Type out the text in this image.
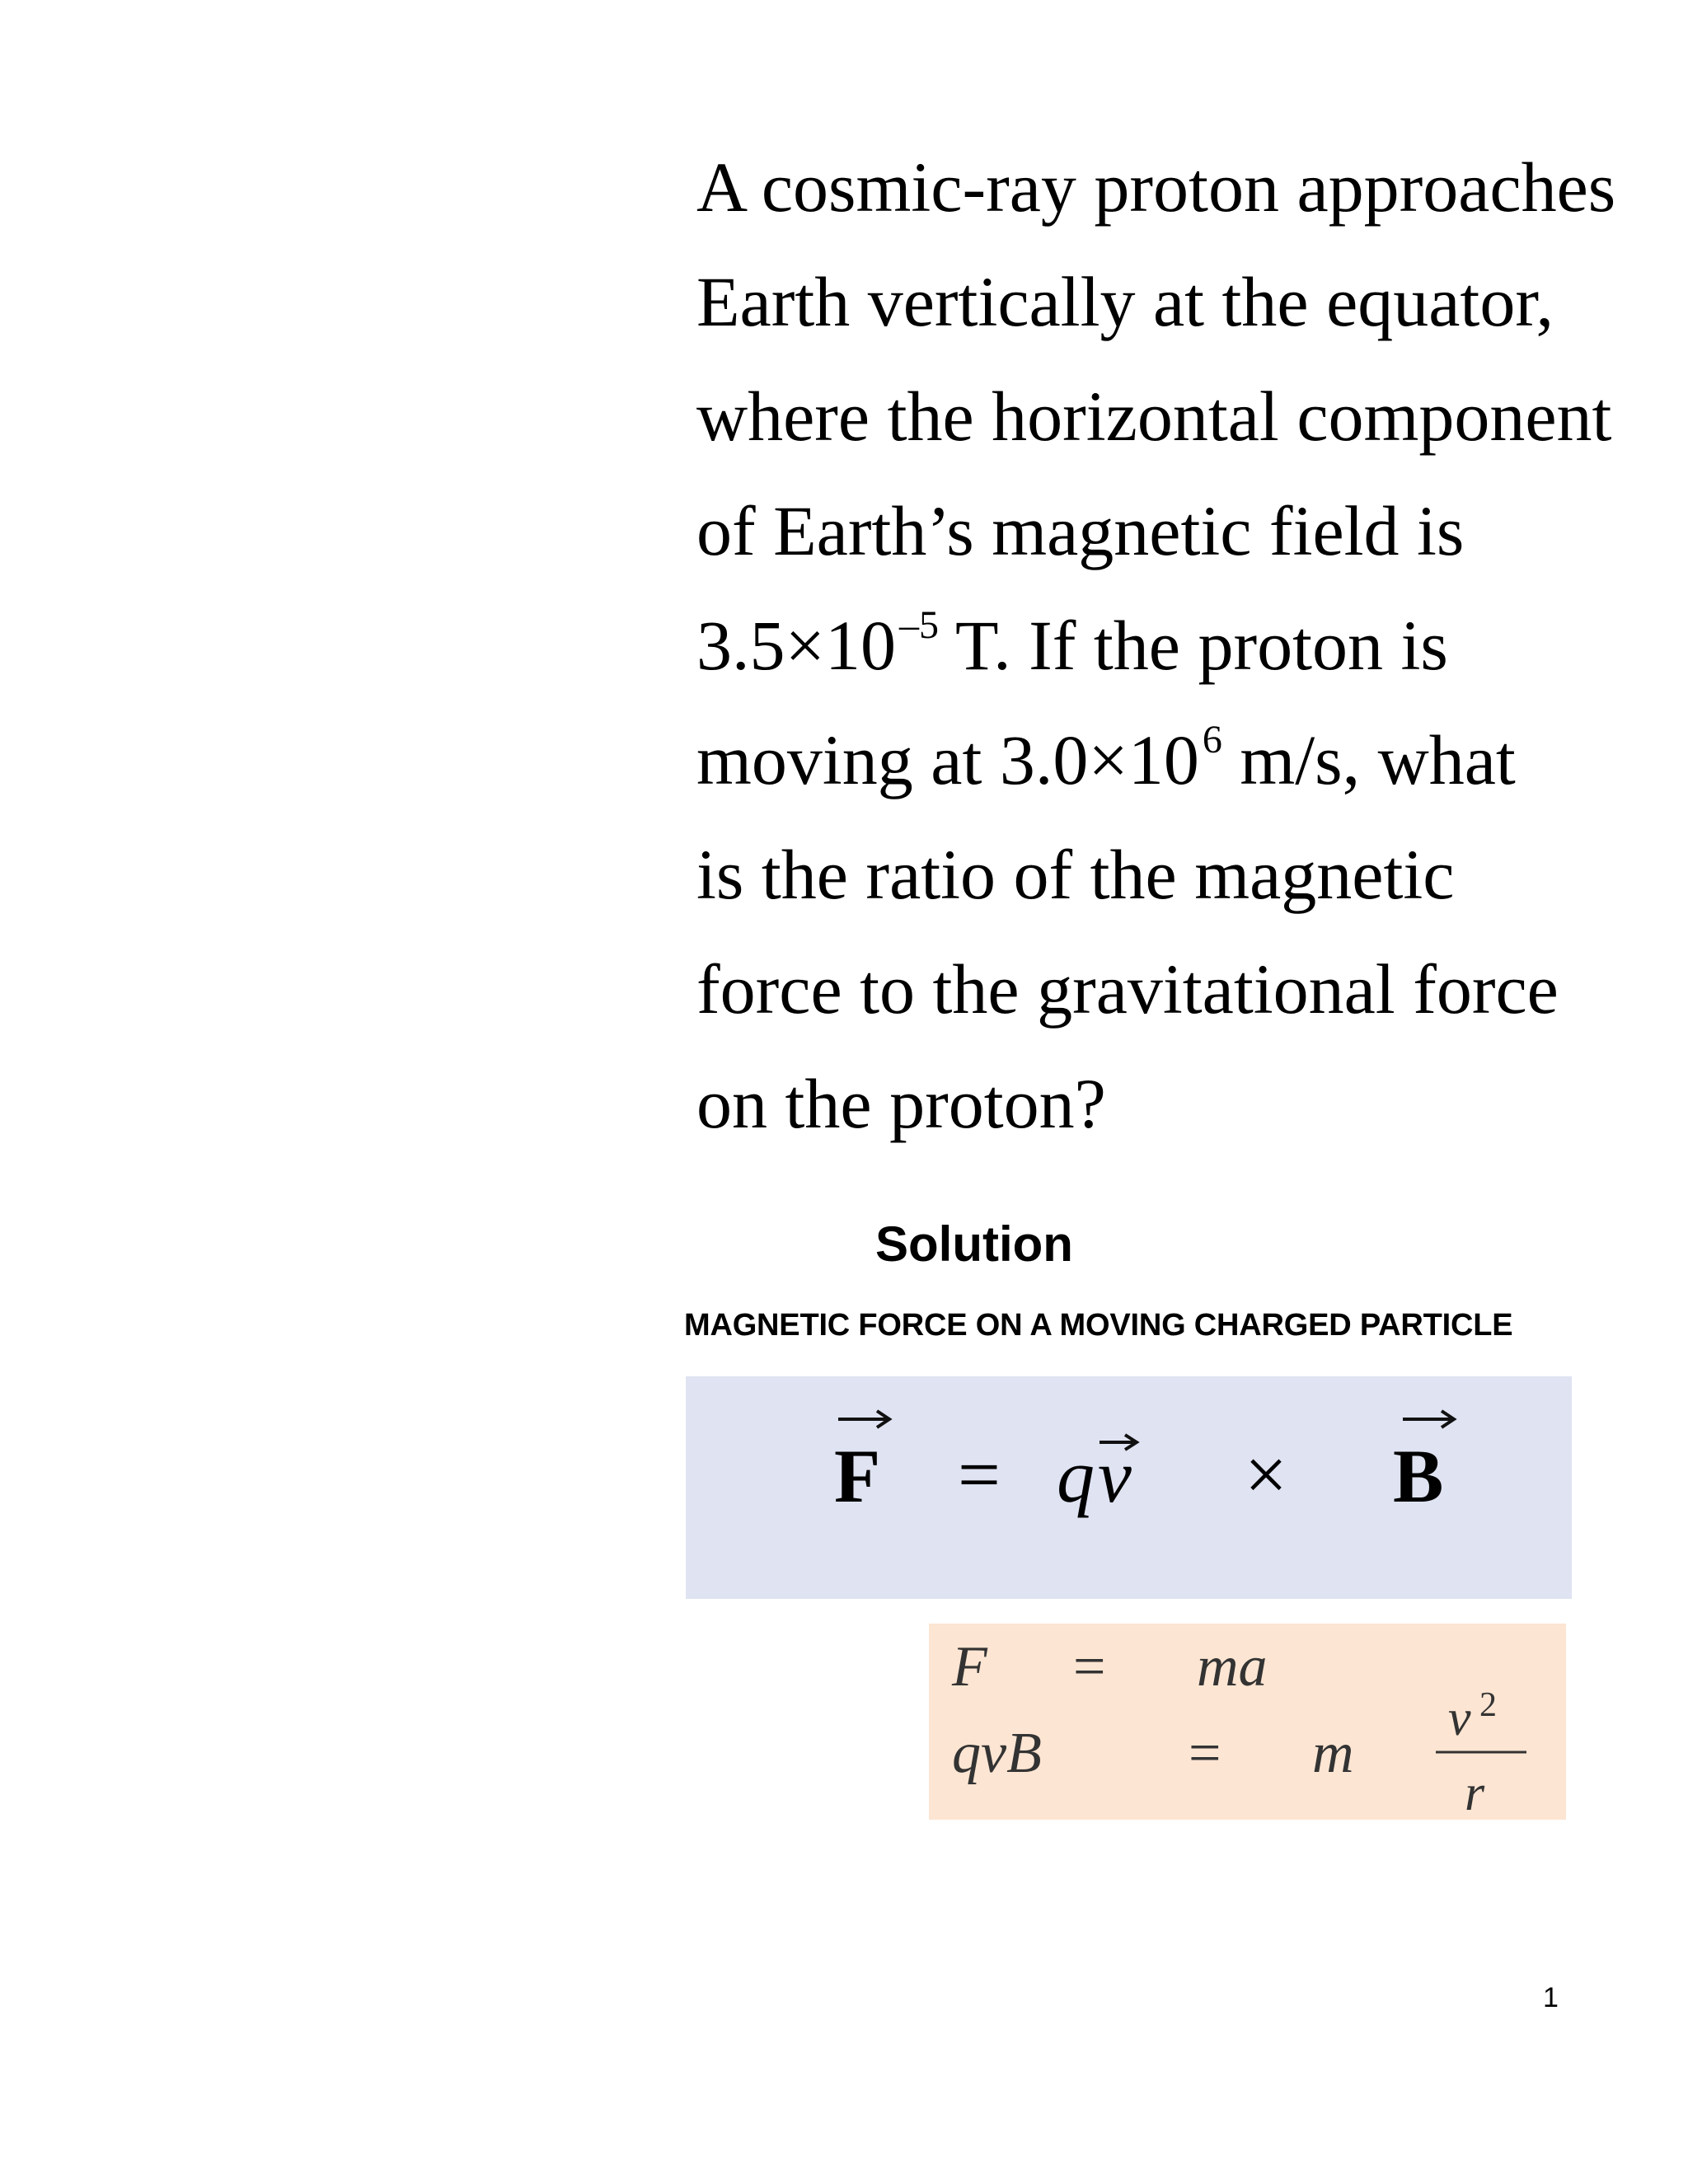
A cosmic-ray proton approaches
Earth vertically at the equator,
where the horizontal component
of Earth’s magnetic field is
$3.5\times 10^{-5}$ T. If the proton is
moving at $3.0\times 10^6$ m/s, what
is the ratio of the magnetic
force to the gravitational force
on the proton?
Solution
MAGNETIC FORCE ON A MOVING CHARGED PARTICLE
F = q v × B
F = ma
qvB	= m
v 2
r
1
